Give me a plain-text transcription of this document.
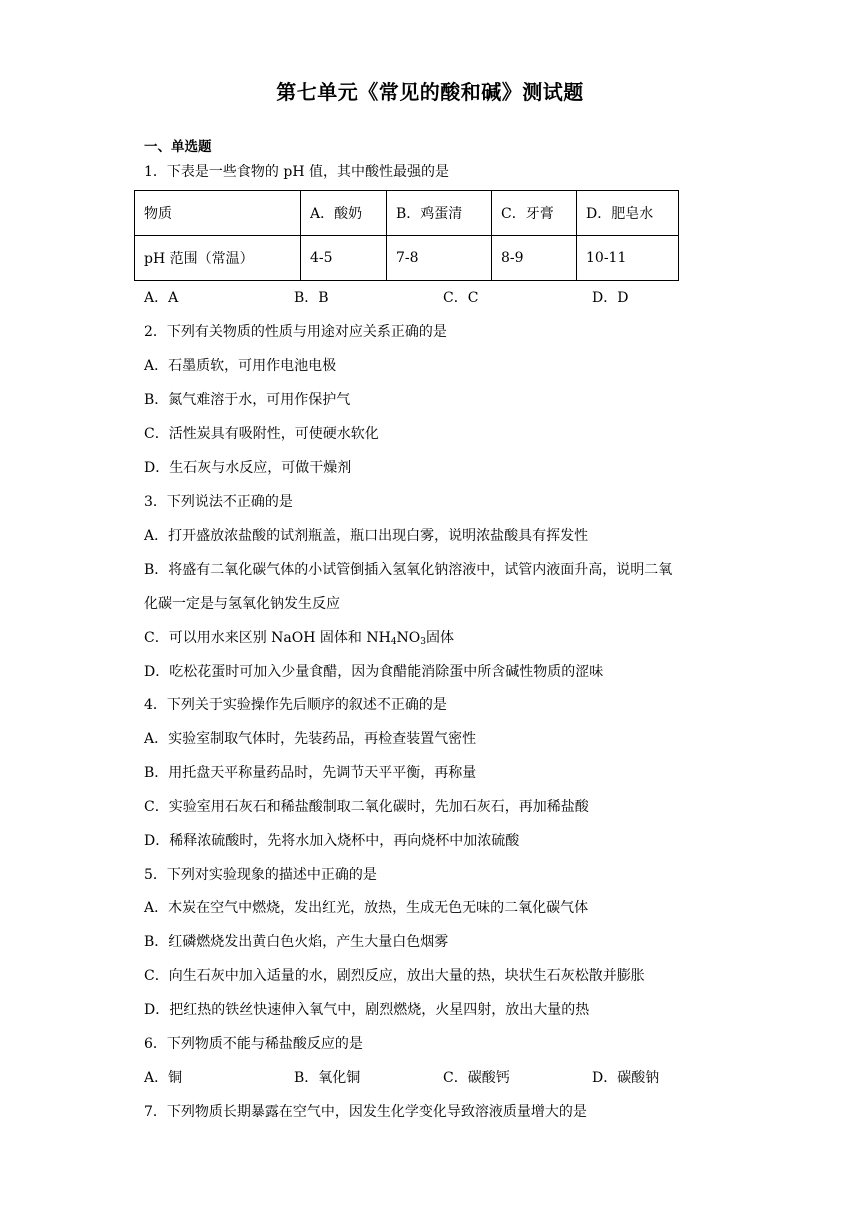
第七单元《常见的酸和碱》测试题
一、单选题
1．下表是一些食物的 pH 值，其中酸性最强的是
物质	A．酸奶	B．鸡蛋清	C．牙膏	D．肥皂水
pH 范围（常温）	4-5	7-8	8-9	10-11
A．A	B．B	C．C	D．D
2．下列有关物质的性质与用途对应关系正确的是
A．石墨质软，可用作电池电极
B．氮气难溶于水，可用作保护气
C．活性炭具有吸附性，可使硬水软化
D．生石灰与水反应，可做干燥剂
3．下列说法不正确的是
A．打开盛放浓盐酸的试剂瓶盖，瓶口出现白雾，说明浓盐酸具有挥发性
B．将盛有二氧化碳气体的小试管倒插入氢氧化钠溶液中，试管内液面升高，说明二氧
化碳一定是与氢氧化钠发生反应
C．可以用水来区别 NaOH 固体和 $NH_4NO_3$固体
D．吃松花蛋时可加入少量食醋，因为食醋能消除蛋中所含碱性物质的涩味
4．下列关于实验操作先后顺序的叙述不正确的是
A．实验室制取气体时，先装药品，再检查装置气密性
B．用托盘天平称量药品时，先调节天平平衡，再称量
C．实验室用石灰石和稀盐酸制取二氧化碳时，先加石灰石，再加稀盐酸
D．稀释浓硫酸时，先将水加入烧杯中，再向烧杯中加浓硫酸
5．下列对实验现象的描述中正确的是
A．木炭在空气中燃烧，发出红光，放热，生成无色无味的二氧化碳气体
B．红磷燃烧发出黄白色火焰，产生大量白色烟雾
C．向生石灰中加入适量的水，剧烈反应，放出大量的热，块状生石灰松散并膨胀
D．把红热的铁丝快速伸入氧气中，剧烈燃烧，火星四射，放出大量的热
6．下列物质不能与稀盐酸反应的是
A．铜	B．氧化铜	C．碳酸钙	D．碳酸钠
7．下列物质长期暴露在空气中，因发生化学变化导致溶液质量增大的是
